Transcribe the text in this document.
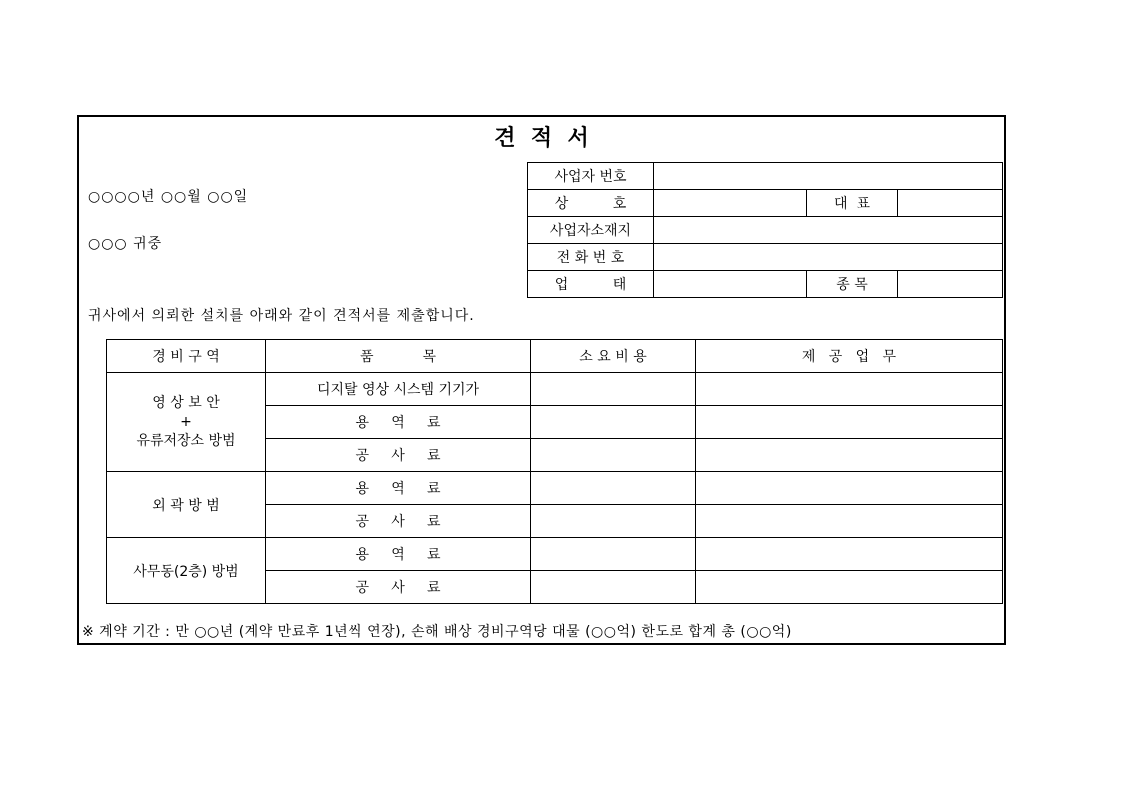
견  적  서
○○○○년 ○○월 ○○일
○○○ 귀중
귀사에서 의뢰한 설치를 아래와 같이 견적서를 제출합니다.
사업자 번호			
상          호		대  표	
사업자소재지			
전 화 번 호			
업          태		종 목	
경 비 구 역	품           목	소 요 비 용	제   공   업   무

영 상 보 안
+
유류저장소 방범	디지탈 영상 시스템 기기가		
	용     역     료		
	공     사     료		

외 곽 방 범	용     역     료		
	공     사     료		

사무동(2층) 방범	용     역     료		
	공     사     료		
※ 계약 기간 : 만 ○○년 (계약 만료후 1년씩 연장), 손해 배상 경비구역당 대물 (○○억) 한도로 합계 총 (○○억)
